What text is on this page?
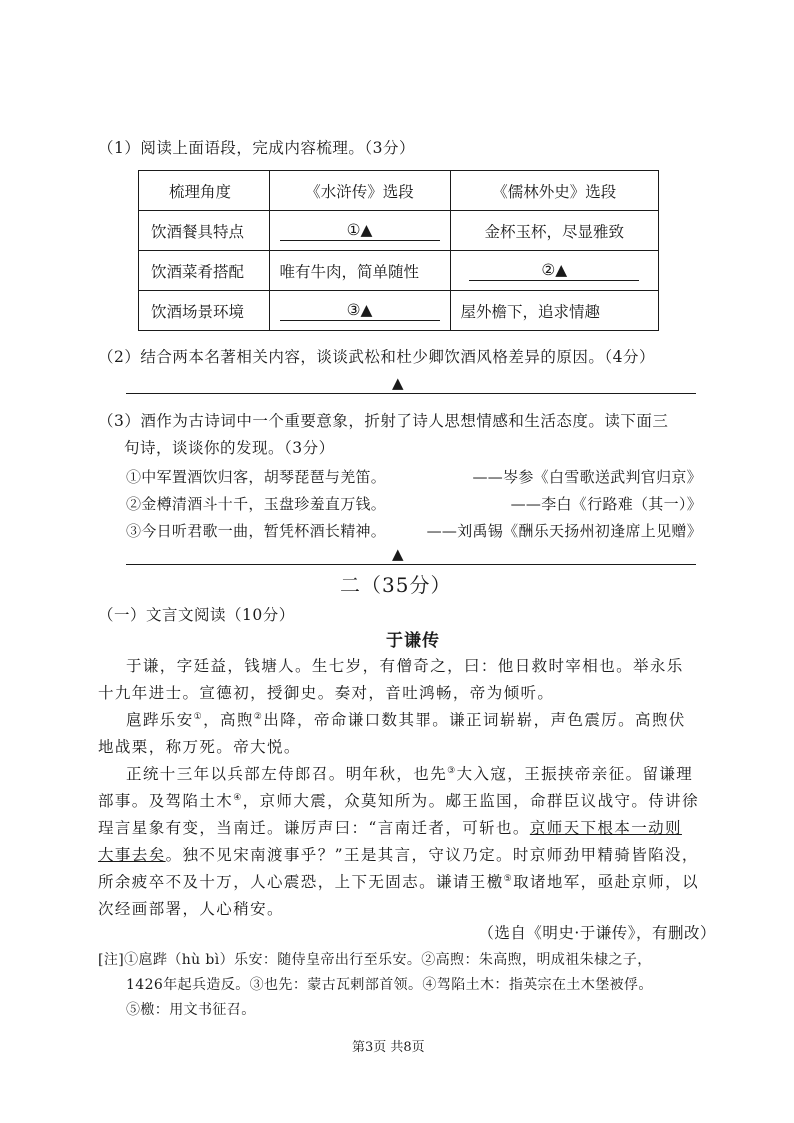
（1）阅读上面语段，完成内容梳理。（3分）
梳理角度	《水浒传》选段	《儒林外史》选段
饮酒餐具特点	①▲	金杯玉杯，尽显雅致
饮酒菜肴搭配	唯有牛肉，简单随性	②▲
饮酒场景环境	③▲	屋外檐下，追求情趣
（2）结合两本名著相关内容，谈谈武松和杜少卿饮酒风格差异的原因。（4分）
▲
（3）酒作为古诗词中一个重要意象，折射了诗人思想情感和生活态度。读下面三
句诗，谈谈你的发现。（3分）
①中军置酒饮归客，胡琴琵琶与羌笛。	——岑参《白雪歌送武判官归京》
②金樽清酒斗十千，玉盘珍羞直万钱。	——李白《行路难（其一）》
③今日听君歌一曲，暂凭杯酒长精神。	——刘禹锡《酬乐天扬州初逢席上见赠》
▲
二（35分）
（一）文言文阅读（10分）
于谦传
于谦，字廷益，钱塘人。生七岁，有僧奇之，曰：他日救时宰相也。举永乐
十九年进士。宣德初，授御史。奏对，音吐鸿畅，帝为倾听。
扈跸乐安①，高煦②出降，帝命谦口数其罪。谦正词崭崭，声色震厉。高煦伏
地战栗，称万死。帝大悦。
正统十三年以兵部左侍郎召。明年秋，也先③大入寇，王振挟帝亲征。留谦理
部事。及驾陷土木④，京师大震，众莫知所为。郕王监国，命群臣议战守。侍讲徐
珵言星象有变，当南迁。谦厉声曰：“言南迁者，可斩也。京师天下根本一动则
大事去矣。独不见宋南渡事乎？”王是其言，守议乃定。时京师劲甲精骑皆陷没，
所余疲卒不及十万，人心震恐，上下无固志。谦请王檄⑤取诸地军，亟赴京师，以
次经画部署，人心稍安。
（选自《明史·于谦传》，有删改）
[注]①扈跸（hù bì）乐安：随侍皇帝出行至乐安。②高煦：朱高煦，明成祖朱棣之子，
1426年起兵造反。③也先：蒙古瓦剌部首领。④驾陷土木：指英宗在土木堡被俘。
⑤檄：用文书征召。
第3页 共8页
